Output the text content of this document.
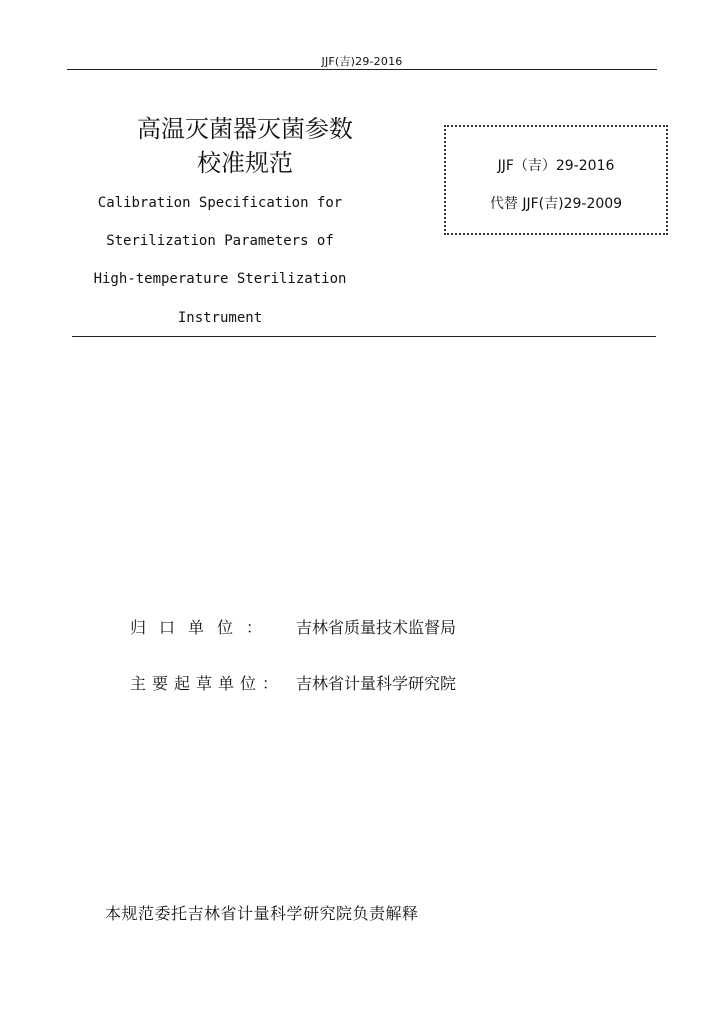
JJF(吉)29-2016
高温灭菌器灭菌参数
校准规范
Calibration Specification for
Sterilization Parameters of
High-temperature Sterilization
Instrument
JJF（吉）29-2016
代替 JJF(吉)29-2009
归口单位： 吉林省质量技术监督局
主要起草单位： 吉林省计量科学研究院
本规范委托吉林省计量科学研究院负责解释
